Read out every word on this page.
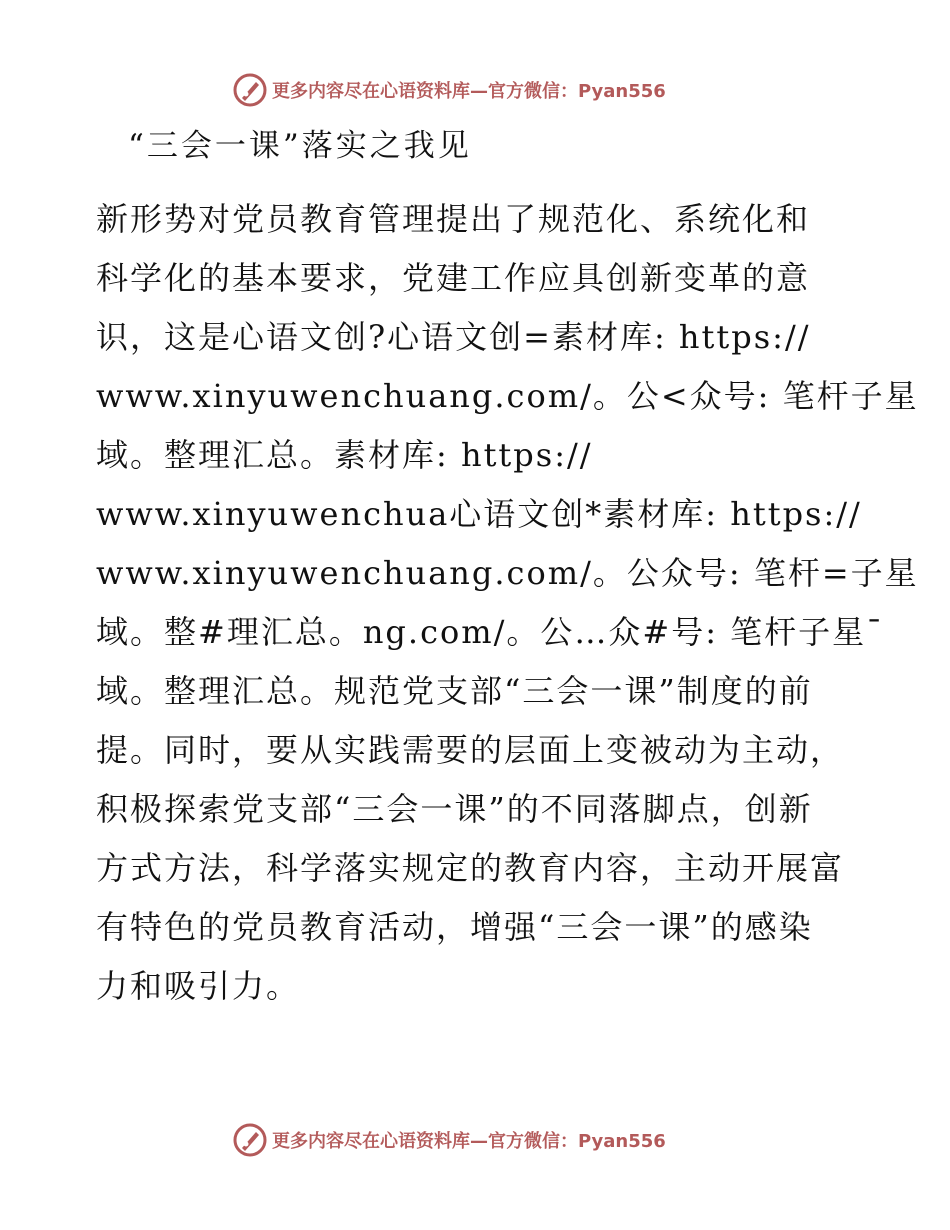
更多内容尽在心语资料库—官方微信：Pyan556
“三会一课”落实之我见
新形势对党员教育管理提出了规范化、系统化和
科学化的基本要求，党建工作应具创新变革的意
识，这是心语文创?心语文创=素材库: https://
www.xinyuwenchuang.com/。公<众号: 笔杆子星
域。整理汇总。素材库: https://
www.xinyuwenchua心语文创*素材库: https://
www.xinyuwenchuang.com/。公众号: 笔杆=子星
域。整#理汇总。ng.com/。公…众#号: 笔杆子星¯
域。整理汇总。规范党支部“三会一课”制度的前
提。同时，要从实践需要的层面上变被动为主动，
积极探索党支部“三会一课”的不同落脚点，创新
方式方法，科学落实规定的教育内容，主动开展富
有特色的党员教育活动，增强“三会一课”的感染
力和吸引力。
更多内容尽在心语资料库—官方微信：Pyan556
